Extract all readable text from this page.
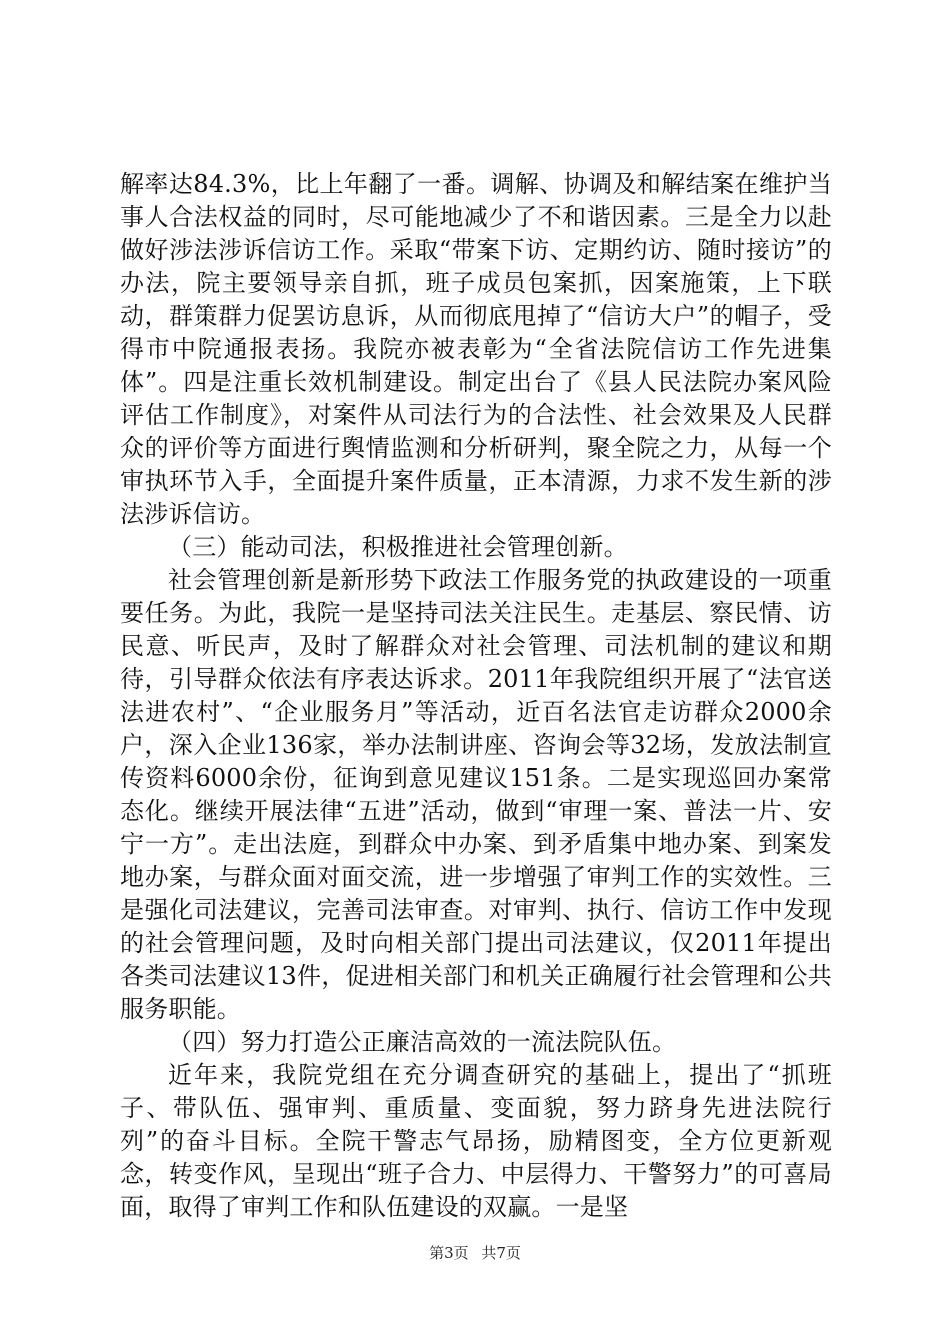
解率达84.3%，比上年翻了一番。调解、协调及和解结案在维护当事人合法权益的同时，尽可能地减少了不和谐因素。三是全力以赴做好涉法涉诉信访工作。采取“带案下访、定期约访、随时接访”的办法，院主要领导亲自抓，班子成员包案抓，因案施策，上下联动，群策群力促罢访息诉，从而彻底甩掉了“信访大户”的帽子，受得市中院通报表扬。我院亦被表彰为“全省法院信访工作先进集体”。四是注重长效机制建设。制定出台了《县人民法院办案风险评估工作制度》，对案件从司法行为的合法性、社会效果及人民群众的评价等方面进行舆情监测和分析研判，聚全院之力，从每一个审执环节入手，全面提升案件质量，正本清源，力求不发生新的涉法涉诉信访。

（三）能动司法，积极推进社会管理创新。

社会管理创新是新形势下政法工作服务党的执政建设的一项重要任务。为此，我院一是坚持司法关注民生。走基层、察民情、访民意、听民声，及时了解群众对社会管理、司法机制的建议和期待，引导群众依法有序表达诉求。2011年我院组织开展了“法官送法进农村”、“企业服务月”等活动，近百名法官走访群众2000余户，深入企业136家，举办法制讲座、咨询会等32场，发放法制宣传资料6000余份，征询到意见建议151条。二是实现巡回办案常态化。继续开展法律“五进”活动，做到“审理一案、普法一片、安宁一方”。走出法庭，到群众中办案、到矛盾集中地办案、到案发地办案，与群众面对面交流，进一步增强了审判工作的实效性。三是强化司法建议，完善司法审查。对审判、执行、信访工作中发现的社会管理问题，及时向相关部门提出司法建议，仅2011年提出各类司法建议13件，促进相关部门和机关正确履行社会管理和公共服务职能。

（四）努力打造公正廉洁高效的一流法院队伍。

近年来，我院党组在充分调查研究的基础上，提出了“抓班子、带队伍、强审判、重质量、变面貌，努力跻身先进法院行列”的奋斗目标。全院干警志气昂扬，励精图变，全方位更新观念，转变作风，呈现出“班子合力、中层得力、干警努力”的可喜局面，取得了审判工作和队伍建设的双赢。一是坚

第3页 共7页
